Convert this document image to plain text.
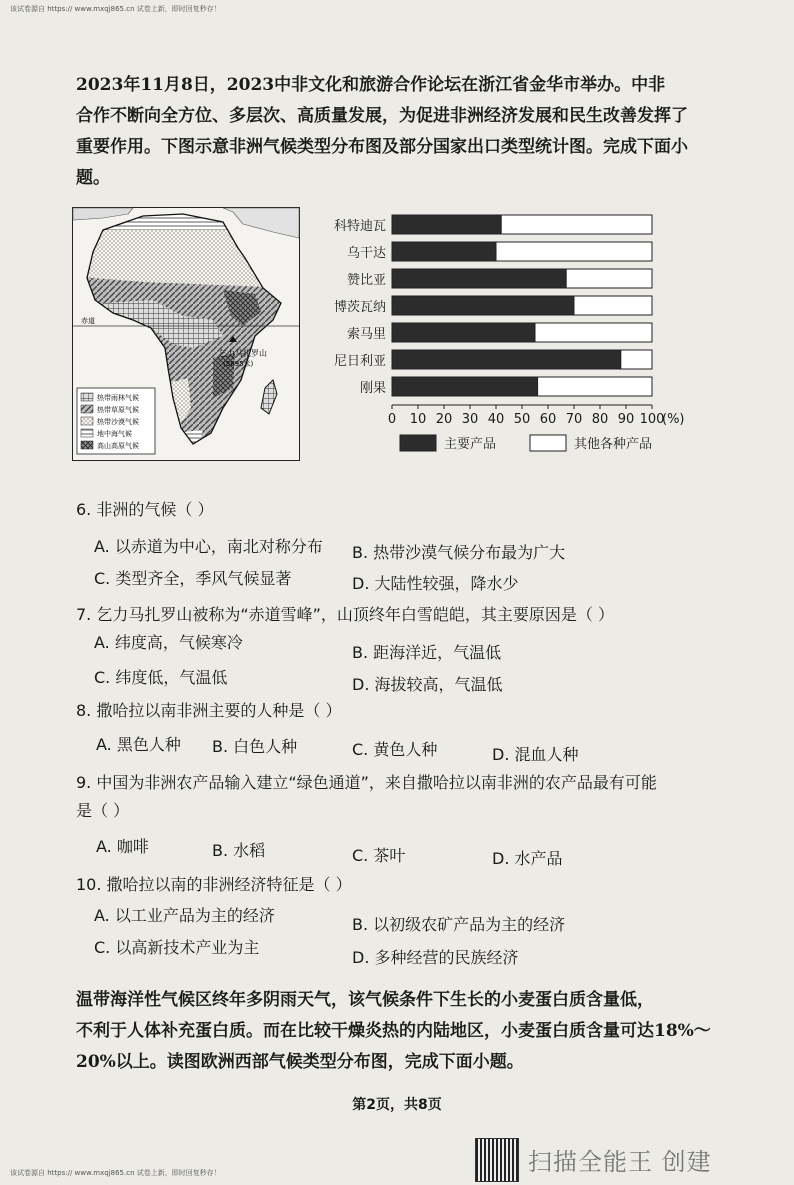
该试卷源自 https:// www.mxqj865.cn 试卷上新，即时回复秒存！
2023年11月8日，2023中非文化和旅游合作论坛在浙江省金华市举办。中非
合作不断向全方位、多层次、高质量发展，为促进非洲经济发展和民生改善发挥了
重要作用。下图示意非洲气候类型分布图及部分国家出口类型统计图。完成下面小
题。
赤道
乞力马扎罗山
(5895米)
热带雨林气候
热带草原气候
热带沙漠气候
地中海气候
高山高原气候
科特迪瓦
乌干达
赞比亚
博茨瓦纳
索马里
尼日利亚
刚果
0 10 20 30 40 50 60 70 80 90 100
(%)
主要产品	其他各种产品
6. 非洲的气候（ ）
A. 以赤道为中心，南北对称分布 B. 热带沙漠气候分布最为广大
C. 类型齐全，季风气候显著	D. 大陆性较强，降水少
7. 乞力马扎罗山被称为“赤道雪峰”，山顶终年白雪皑皑，其主要原因是（ ）
A. 纬度高，气候寒冷
B. 距海洋近，气温低
C. 纬度低，气温低	D. 海拔较高，气温低
8. 撒哈拉以南非洲主要的人种是（ ）
A. 黑色人种 B. 白色人种	C. 黄色人种	D. 混血人种
9. 中国为非洲农产品输入建立“绿色通道”，来自撒哈拉以南非洲的农产品最有可能
是（ ）
A. 咖啡	B. 水稻	C. 茶叶	D. 水产品
10. 撒哈拉以南的非洲经济特征是（ ）
A. 以工业产品为主的经济	B. 以初级农矿产品为主的经济
C. 以高新技术产业为主
D. 多种经营的民族经济
温带海洋性气候区终年多阴雨天气，该气候条件下生长的小麦蛋白质含量低，
不利于人体补充蛋白质。而在比较干燥炎热的内陆地区，小麦蛋白质含量可达18%～
20%以上。读图欧洲西部气候类型分布图，完成下面小题。
第2页，共8页
扫描全能王 创建
该试卷源自 https:// www.mxqj865.cn 试卷上新，即时回复秒存！
